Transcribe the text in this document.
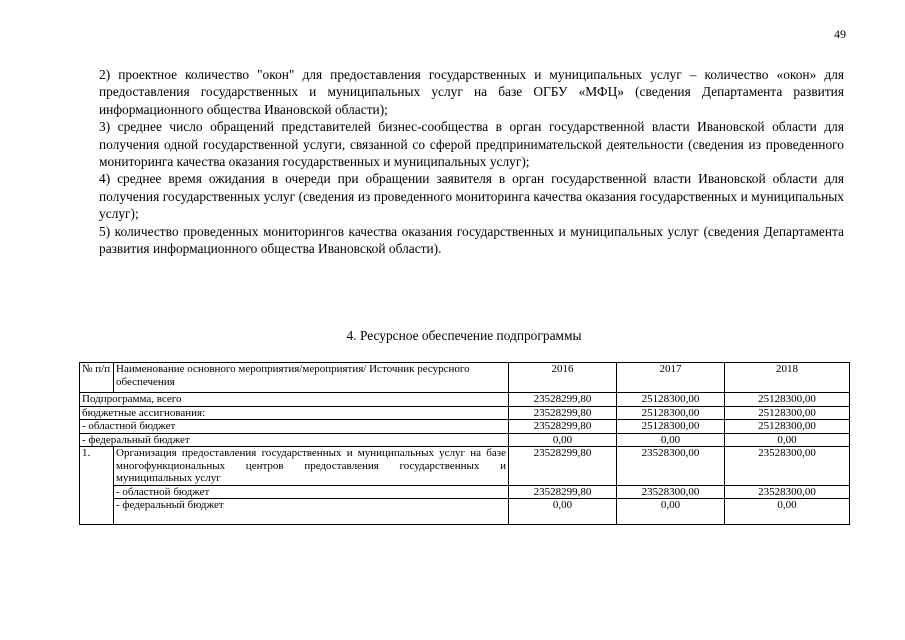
49

2) проектное количество "окон" для предоставления государственных и муниципальных услуг – количество «окон» для предоставления государственных и муниципальных услуг на базе ОГБУ «МФЦ» (сведения Департамента развития информационного общества Ивановской области);

3) среднее число обращений представителей бизнес-сообщества в орган государственной власти Ивановской области для получения одной государственной услуги, связанной со сферой предпринимательской деятельности (сведения из проведенного мониторинга качества оказания государственных и муниципальных услуг);

4) среднее время ожидания в очереди при обращении заявителя в орган государственной власти Ивановской области для получения государственных услуг (сведения из проведенного мониторинга качества оказания государственных и муниципальных услуг);

5) количество проведенных мониторингов качества оказания государственных и муниципальных услуг (сведения Департамента развития информационного общества Ивановской области).

4. Ресурсное обеспечение подпрограммы
№ п/п	Наименование основного мероприятия/мероприятия/ Источник ресурсного обеспечения	2016	2017	2018
Подпрограмма, всего		23528299,80	25128300,00	25128300,00
бюджетные ассигнования:		23528299,80	25128300,00	25128300,00
- областной бюджет		23528299,80	25128300,00	25128300,00
- федеральный бюджет		0,00	0,00	0,00
1.	Организация предоставления государственных и муниципальных услуг на базе многофункциональных центров предоставления государственных и муниципальных услуг	23528299,80	23528300,00	23528300,00
	- областной бюджет	23528299,80	23528300,00	23528300,00
	- федеральный бюджет	0,00	0,00	0,00
